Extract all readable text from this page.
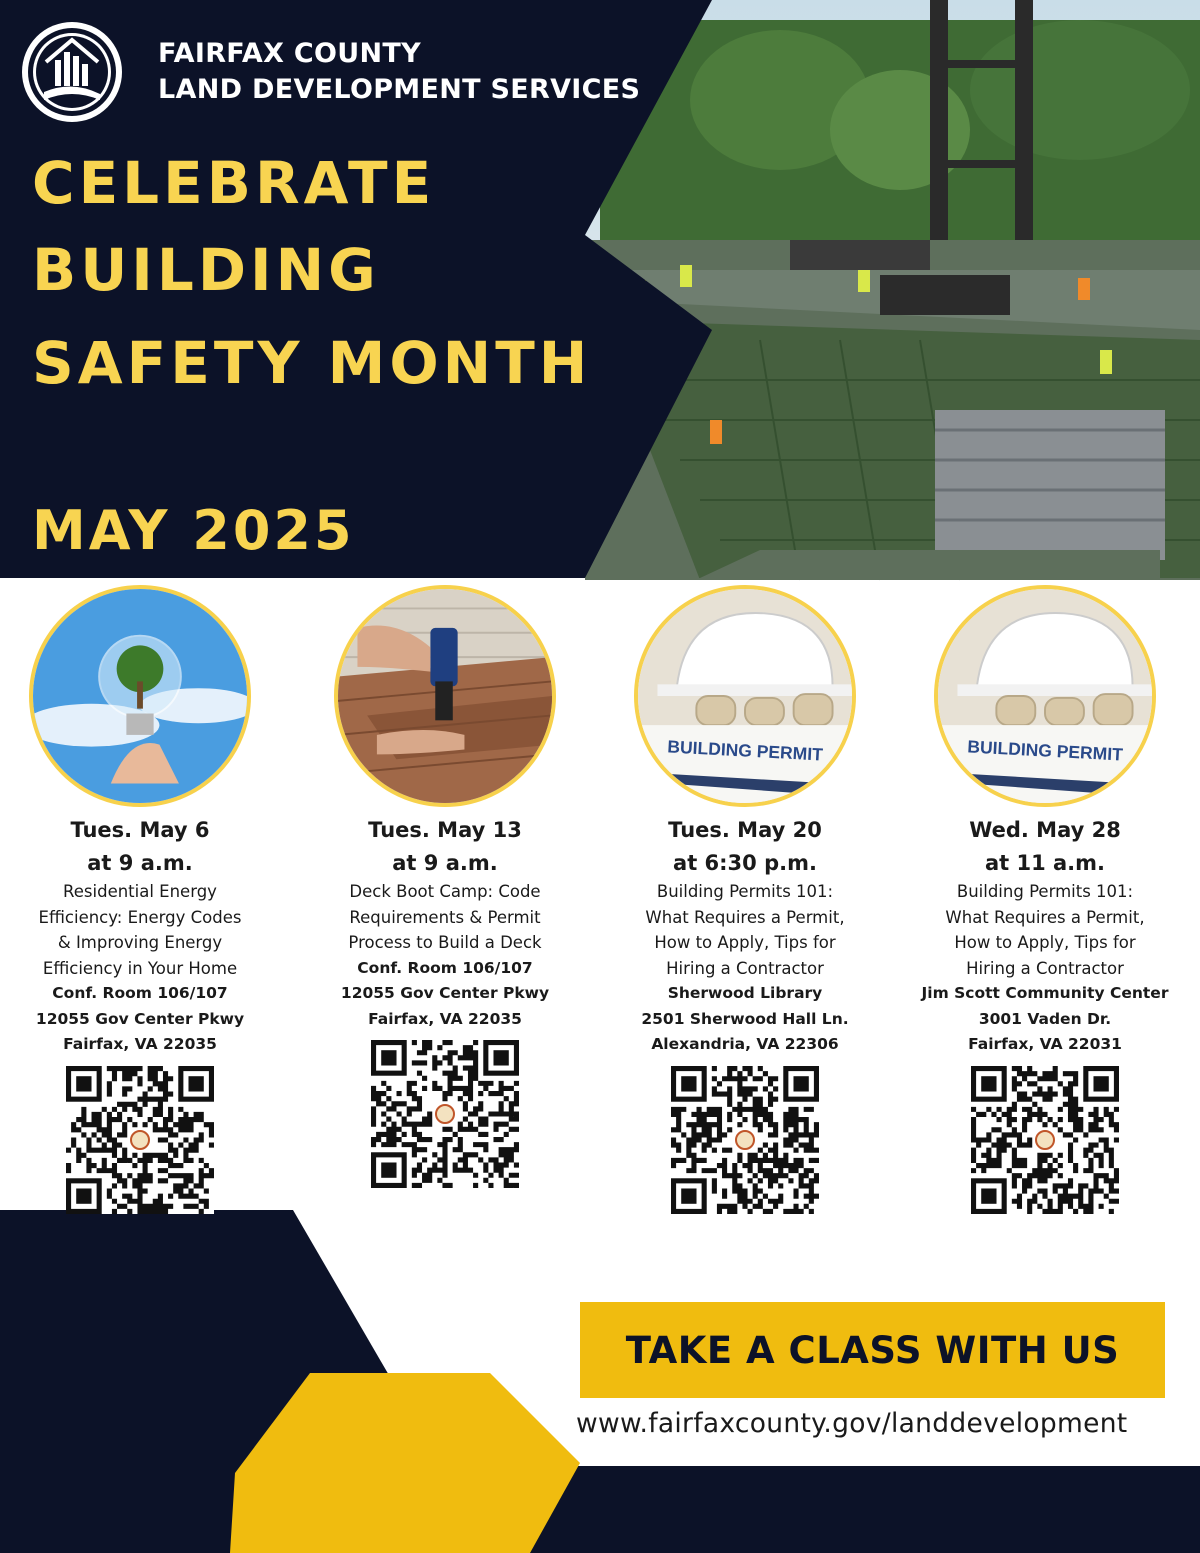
FAIRFAX COUNTY
LAND DEVELOPMENT SERVICES
CELEBRATE
BUILDING
SAFETY MONTH
MAY 2025
Tues. May 6
at 9 a.m.
Residential Energy
Efficiency: Energy Codes
& Improving Energy
Efficiency in Your Home
Conf. Room 106/107
12055 Gov Center Pkwy
Fairfax, VA 22035
Tues. May 13
at 9 a.m.
Deck Boot Camp: Code
Requirements & Permit
Process to Build a Deck
Conf. Room 106/107
12055 Gov Center Pkwy
Fairfax, VA 22035
BUILDING PERMIT
Tues. May 20
at 6:30 p.m.
Building Permits 101:
What Requires a Permit,
How to Apply, Tips for
Hiring a Contractor
Sherwood Library
2501 Sherwood Hall Ln.
Alexandria, VA 22306
BUILDING PERMIT
Wed. May 28
at 11 a.m.
Building Permits 101:
What Requires a Permit,
How to Apply, Tips for
Hiring a Contractor
Jim Scott Community Center
3001 Vaden Dr.
Fairfax, VA 22031
TAKE A CLASS WITH US
www.fairfaxcounty.gov/landdevelopment
